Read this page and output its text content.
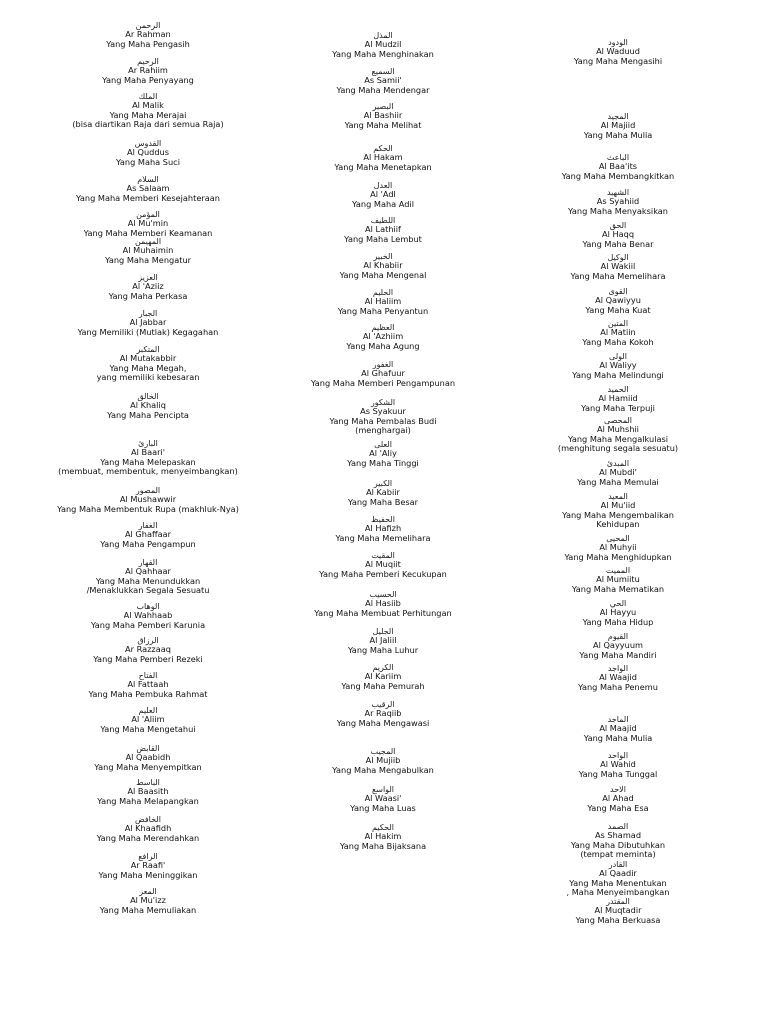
الرحمن
Ar Rahman
Yang Maha Pengasih
الرحيم
Ar Rahiim
Yang Maha Penyayang
الملك
Al Malik
Yang Maha Merajai
(bisa diartikan Raja dari semua Raja)
القدوس
Al Quddus
Yang Maha Suci
السلام
As Salaam
Yang Maha Memberi Kesejahteraan
المؤمن
Al Mu'min
Yang Maha Memberi Keamanan
المهيمن
Al Muhaimin
Yang Maha Mengatur
العزيز
Al 'Aziiz
Yang Maha Perkasa
الجبار
Al Jabbar
Yang Memiliki (Mutlak) Kegagahan
المتكبر
Al Mutakabbir
Yang Maha Megah,
yang memiliki kebesaran
الخالق
Al Khaliq
Yang Maha Pencipta
البارئ
Al Baari'
Yang Maha Melepaskan
(membuat, membentuk, menyeimbangkan)
المصور
Al Mushawwir
Yang Maha Membentuk Rupa (makhluk-Nya)
الغفار
Al Ghaffaar
Yang Maha Pengampun
القهار
Al Qahhaar
Yang Maha Menundukkan
/Menaklukkan Segala Sesuatu
الوهاب
Al Wahhaab
Yang Maha Pemberi Karunia
الرزاق
Ar Razzaaq
Yang Maha Pemberi Rezeki
الفتاح
Al Fattaah
Yang Maha Pembuka Rahmat
العليم
Al 'Aliim
Yang Maha Mengetahui
القابض
Al Qaabidh
Yang Maha Menyempitkan
الباسط
Al Baasith
Yang Maha Melapangkan
الخافض
Al Khaafidh
Yang Maha Merendahkan
الرافع
Ar Raafi'
Yang Maha Meninggikan
المعز
Al Mu'izz
Yang Maha Memuliakan
المذل
Al Mudzil
Yang Maha Menghinakan
السميع
As Samii'
Yang Maha Mendengar
البصير
Al Bashiir
Yang Maha Melihat
الحكم
Al Hakam
Yang Maha Menetapkan
العدل
Al 'Adl
Yang Maha Adil
اللطيف
Al Lathiif
Yang Maha Lembut
الخبير
Al Khabiir
Yang Maha Mengenal
الحليم
Al Haliim
Yang Maha Penyantun
العظيم
Al 'Azhiim
Yang Maha Agung
الغفور
Al Ghafuur
Yang Maha Memberi Pengampunan
الشكور
As Syakuur
Yang Maha Pembalas Budi
(menghargai)
العلى
Al 'Aliy
Yang Maha Tinggi
الكبير
Al Kabiir
Yang Maha Besar
الحفيظ
Al Hafizh
Yang Maha Memelihara
المقيت
Al Muqiit
Yang Maha Pemberi Kecukupan
الحسيب
Al Hasiib
Yang Maha Membuat Perhitungan
الجليل
Al Jaliil
Yang Maha Luhur
الكريم
Al Kariim
Yang Maha Pemurah
الرقيب
Ar Raqiib
Yang Maha Mengawasi
المجيب
Al Mujiib
Yang Maha Mengabulkan
الواسع
Al Waasi'
Yang Maha Luas
الحكيم
Al Hakim
Yang Maha Bijaksana
الودود
Al Waduud
Yang Maha Mengasihi
المجيد
Al Majiid
Yang Maha Mulia
الباعث
Al Baa'its
Yang Maha Membangkitkan
الشهيد
As Syahiid
Yang Maha Menyaksikan
الحق
Al Haqq
Yang Maha Benar
الوكيل
Al Wakiil
Yang Maha Memelihara
القوى
Al Qawiyyu
Yang Maha Kuat
المتين
Al Matiin
Yang Maha Kokoh
الولى
Al Waliyy
Yang Maha Melindungi
الحميد
Al Hamiid
Yang Maha Terpuji
المحصى
Al Muhshii
Yang Maha Mengalkulasi
(menghitung segala sesuatu)
المبدئ
Al Mubdi'
Yang Maha Memulai
المعيد
Al Mu'iid
Yang Maha Mengembalikan
Kehidupan
المحيى
Al Muhyii
Yang Maha Menghidupkan
المميت
Al Mumiitu
Yang Maha Mematikan
الحي
Al Hayyu
Yang Maha Hidup
القيوم
Al Qayyuum
Yang Maha Mandiri
الواجد
Al Waajid
Yang Maha Penemu
الماجد
Al Maajid
Yang Maha Mulia
الواحد
Al Wahid
Yang Maha Tunggal
الاحد
Al Ahad
Yang Maha Esa
الصمد
As Shamad
Yang Maha Dibutuhkan
(tempat meminta)
القادر
Al Qaadir
Yang Maha Menentukan
, Maha Menyeimbangkan
المقتدر
Al Muqtadir
Yang Maha Berkuasa
